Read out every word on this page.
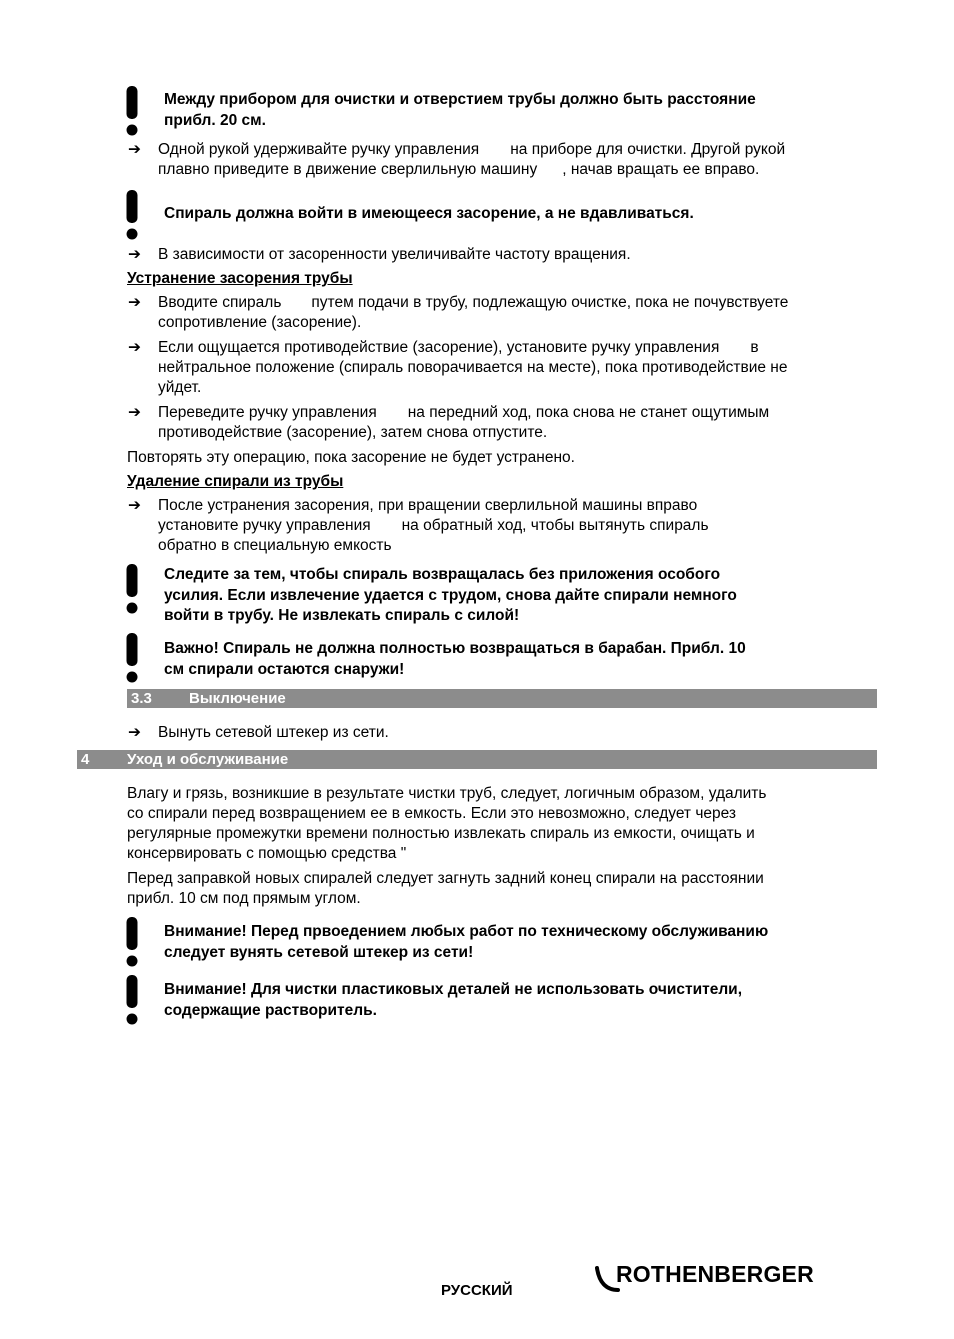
Между прибором для очистки и отверстием трубы должно быть расстояние
прибл. 20 см.
➔	Одной рукой удерживайте ручку управления на приборе для очистки. Другой рукой
плавно приведите в движение сверлильную машину , начав вращать ее вправо.
Спираль должна войти в имеющееся засорение, а не вдавливаться.
➔	В зависимости от засоренности увеличивайте частоту вращения.
Устранение засорения трубы
➔	Вводите спираль путем подачи в трубу, подлежащую очистке, пока не почувствуете
сопротивление (засорение).
➔	Если ощущается противодействие (засорение), установите ручку управления в
нейтральное положение (спираль поворачивается на месте), пока противодействие не
уйдет.
➔	Переведите ручку управления на передний ход, пока снова не станет ощутимым
противодействие (засорение), затем снова отпустите.
Повторять эту операцию, пока засорение не будет устранено.
Удаление спирали из трубы
➔	После устранения засорения, при вращении сверлильной машины вправо
установите ручку управления на обратный ход, чтобы вытянуть спираль
обратно в специальную емкость
Следите за тем, чтобы спираль возвращалась без приложения особого
усилия. Если извлечение удается с трудом, снова дайте спирали немного
войти в трубу. Не извлекать спираль с силой!
Важно! Спираль не должна полностью возвращаться в барабан. Прибл. 10
см спирали остаются снаружи!
3.3 Выключение
➔	Вынуть сетевой штекер из сети.
4	Уход и обслуживание
Влагу и грязь, возникшие в результате чистки труб, следует, логичным образом, удалить
со спирали перед возвращением ее в емкость. Если это невозможно, следует через
регулярные промежутки времени полностью извлекать спираль из емкости, очищать и
консервировать с помощью средства "
Перед заправкой новых спиралей следует загнуть задний конец спирали на расстоянии
прибл. 10 см под прямым углом.
Внимание! Перед првоедением любых работ по техническому обслуживанию
следует вунять сетевой штекер из сети!
Внимание! Для чистки пластиковых деталей не использовать очистители,
содержащие растворитель.
РУССКИЙ
ROTHENBERGER
